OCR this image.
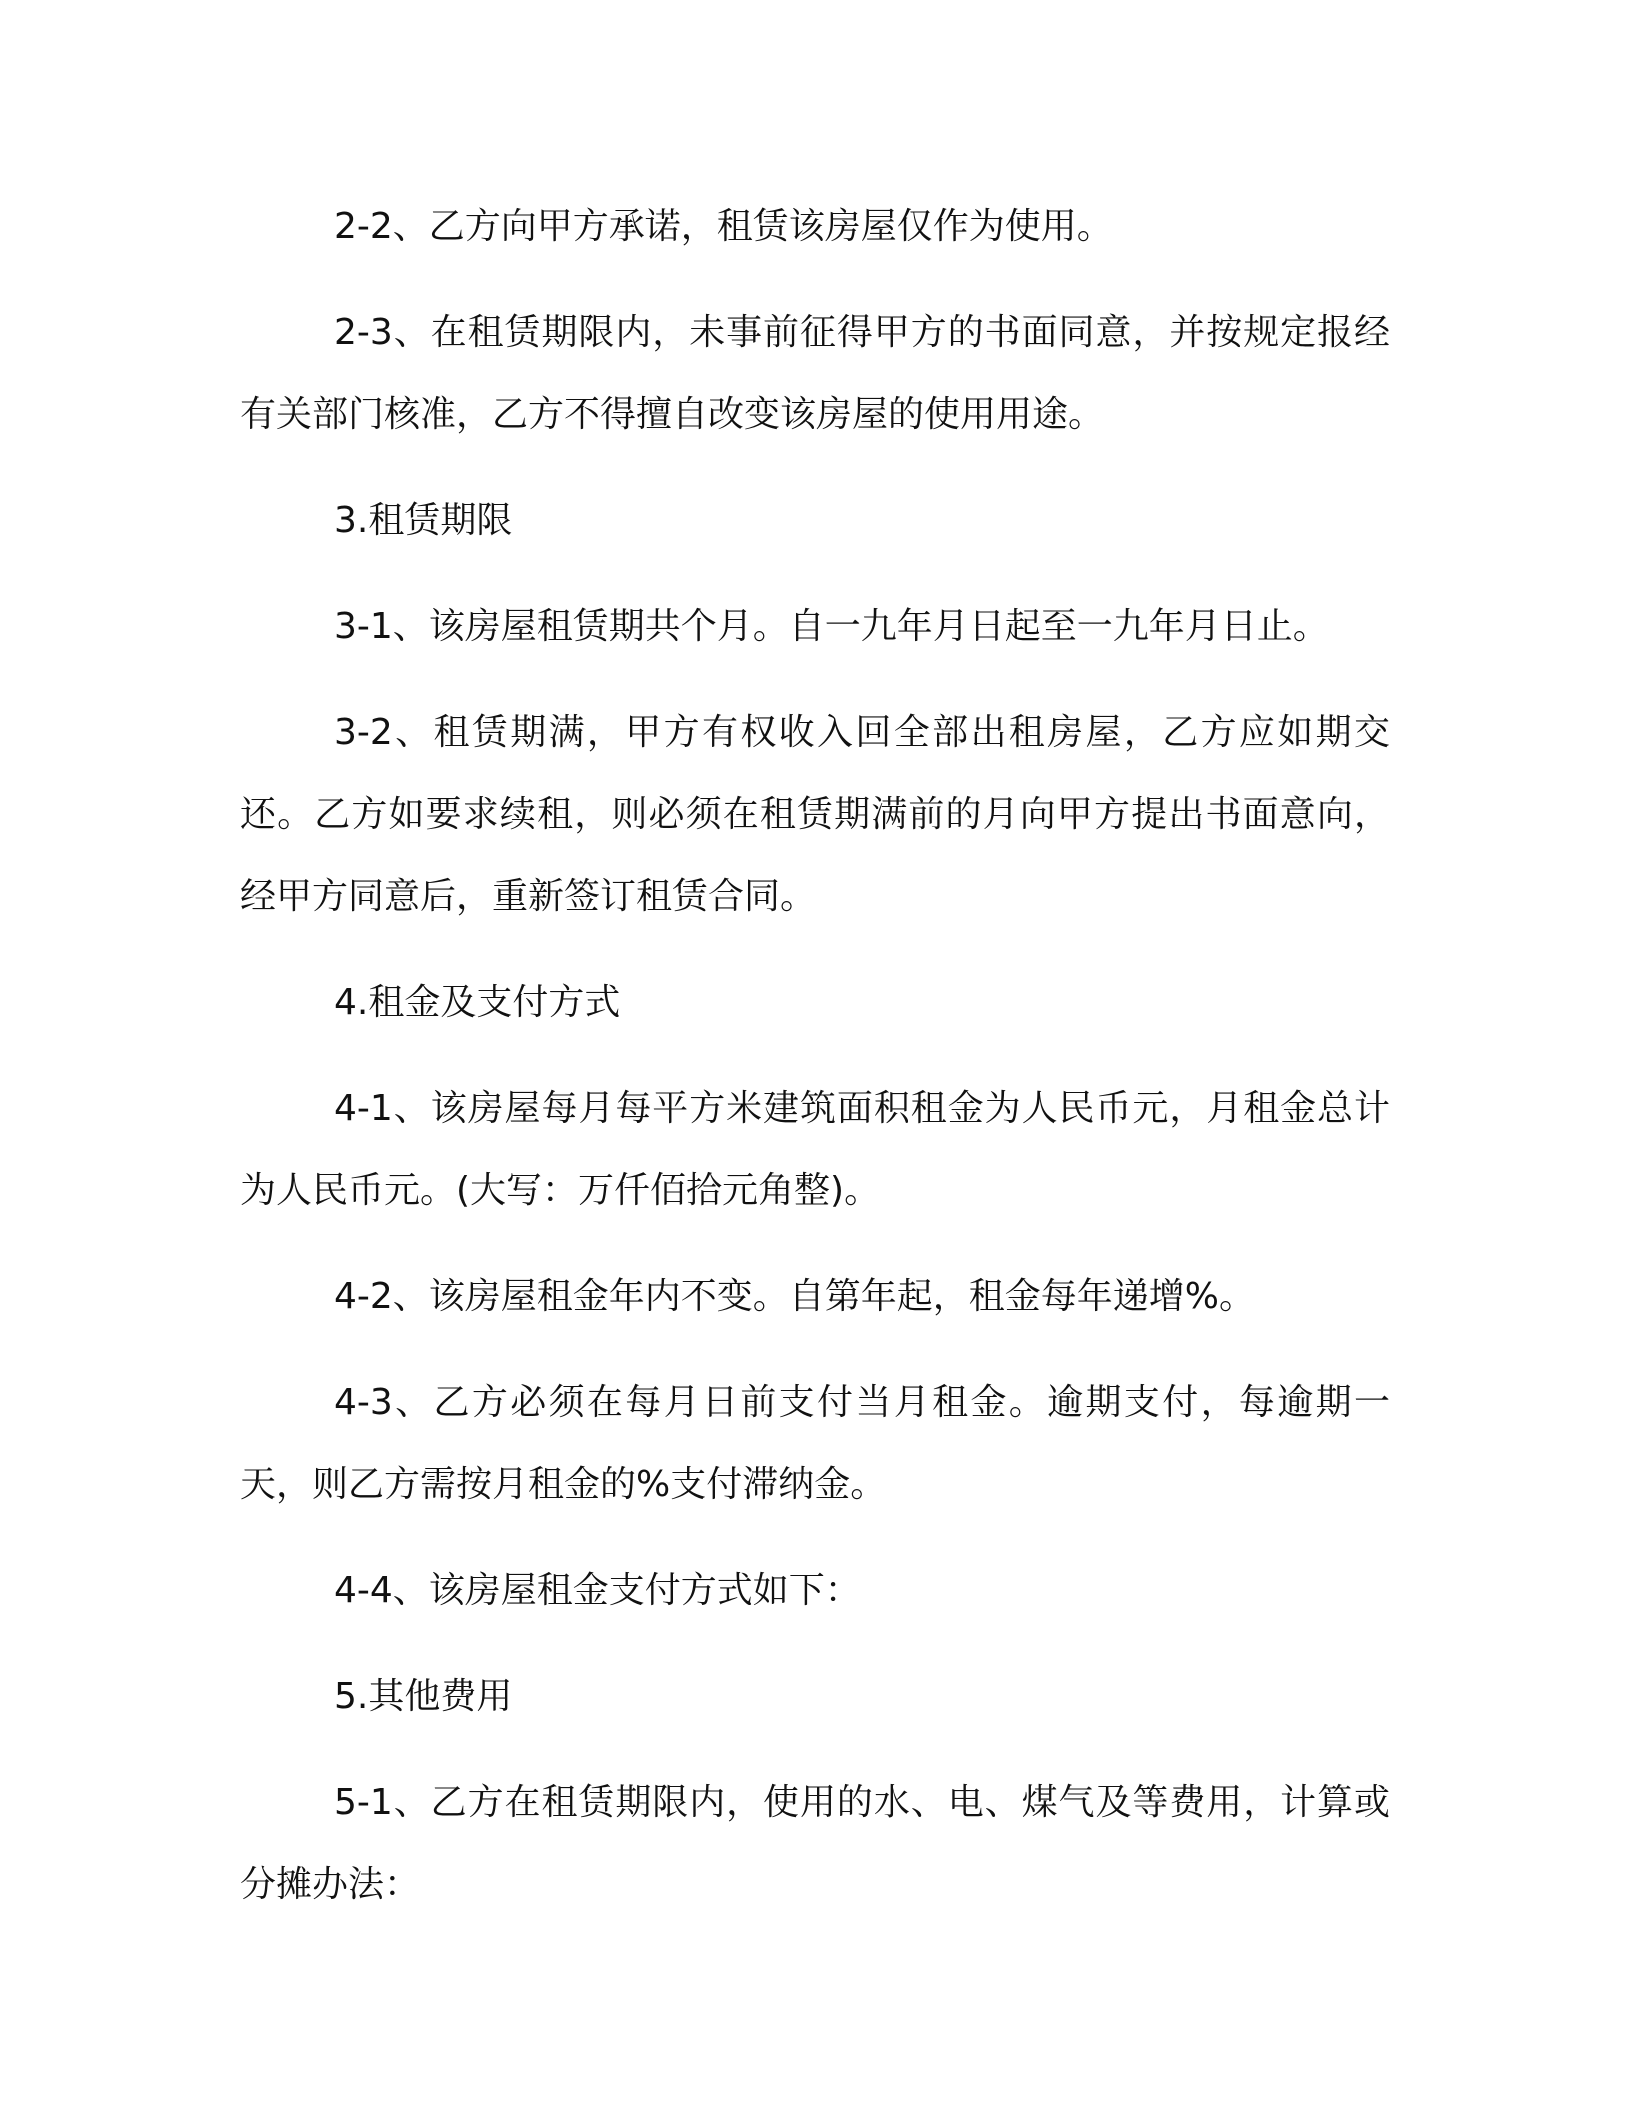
2-2、乙方向甲方承诺，租赁该房屋仅作为使用。

2-3、在租赁期限内，未事前征得甲方的书面同意，并按规定报经有关部门核准，乙方不得擅自改变该房屋的使用用途。

3.租赁期限

3-1、该房屋租赁期共个月。自一九年月日起至一九年月日止。

3-2、租赁期满，甲方有权收入回全部出租房屋，乙方应如期交还。乙方如要求续租，则必须在租赁期满前的月向甲方提出书面意向，经甲方同意后，重新签订租赁合同。

4.租金及支付方式

4-1、该房屋每月每平方米建筑面积租金为人民币元，月租金总计为人民币元。(大写：万仟佰拾元角整)。

4-2、该房屋租金年内不变。自第年起，租金每年递增%。

4-3、乙方必须在每月日前支付当月租金。逾期支付，每逾期一天，则乙方需按月租金的%支付滞纳金。

4-4、该房屋租金支付方式如下：

5.其他费用

5-1、乙方在租赁期限内，使用的水、电、煤气及等费用，计算或分摊办法：
